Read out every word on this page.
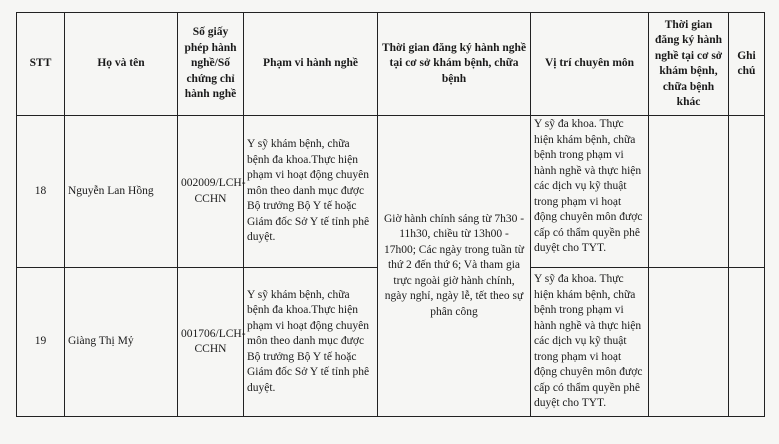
STT	Họ và tên	Số giấy phép hành nghề/Số chứng chỉ hành nghề	Phạm vi hành nghề	Thời gian đăng ký hành nghề tại cơ sở khám bệnh, chữa bệnh	Vị trí chuyên môn	Thời gian đăng ký hành nghề tại cơ sở khám bệnh, chữa bệnh khác	Ghi chú
18	Nguyễn Lan Hồng	002009/LCH-CCHN	Y sỹ khám bệnh, chữa bệnh đa khoa.Thực hiện phạm vi hoạt động chuyên môn theo danh mục được Bộ trưởng Bộ Y tế hoặc Giám đốc Sở Y tế tỉnh phê duyệt.	Giờ hành chính sáng từ 7h30 - 11h30, chiều từ 13h00 - 17h00; Các ngày trong tuần từ thứ 2 đến thứ 6; Và tham gia trực ngoài giờ hành chính, ngày nghỉ, ngày lễ, tết theo sự phân công	Y sỹ đa khoa. Thực hiện khám bệnh, chữa bệnh trong phạm vi hành nghề và thực hiện các dịch vụ kỹ thuật trong phạm vi hoạt động chuyên môn được cấp có thẩm quyền phê duyệt cho TYT.		
19	Giàng Thị Mỷ	001706/LCH-CCHN	Y sỹ khám bệnh, chữa bệnh đa khoa.Thực hiện phạm vi hoạt động chuyên môn theo danh mục được Bộ trưởng Bộ Y tế hoặc Giám đốc Sở Y tế tỉnh phê duyệt.		Y sỹ đa khoa. Thực hiện khám bệnh, chữa bệnh trong phạm vi hành nghề và thực hiện các dịch vụ kỹ thuật trong phạm vi hoạt động chuyên môn được cấp có thẩm quyền phê duyệt cho TYT.		
